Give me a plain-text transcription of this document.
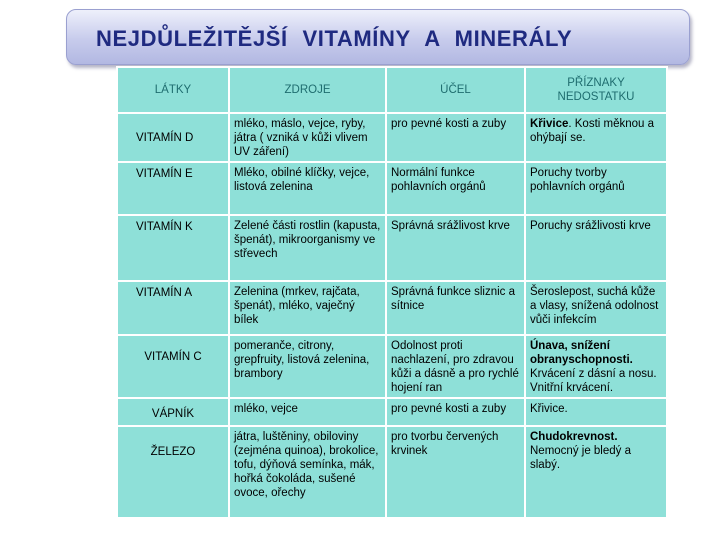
NEJDŮLEŽITĚJŠÍ VITAMÍNY A MINERÁLY
LÁTKY	ZDROJE	ÚČEL	PŘÍZNAKY NEDOSTATKU
VITAMÍN D	mléko, máslo, vejce, ryby, játra ( vzniká v kůži vlivem UV záření)	pro pevné kosti a zuby	Křivice. Kosti měknou a ohýbají se.
VITAMÍN E	Mléko, obilné klíčky, vejce, listová zelenina	Normální funkce pohlavních orgánů	Poruchy tvorby pohlavních orgánů
VITAMÍN K	Zelené části rostlin (kapusta, špenát), mikroorganismy ve střevech	Správná srážlivost krve	Poruchy srážlivosti krve
VITAMÍN A	Zelenina (mrkev, rajčata, špenát), mléko, vaječný bílek	Správná funkce sliznic a sítnice	Šeroslepost, suchá kůže a vlasy, snížená odolnost vůči infekcím
VITAMÍN C	pomeranče, citrony, grepfruity, listová zelenina, brambory	Odolnost proti nachlazení, pro zdravou kůži a dásně a pro rychlé hojení ran	Únava, snížení obranyschopnosti. Krvácení z dásní a nosu. Vnitřní krvácení.
VÁPNÍK	mléko, vejce	pro pevné kosti a zuby	Křivice.
ŽELEZO	játra, luštěniny, obiloviny (zejména quinoa), brokolice, tofu, dýňová semínka, mák, hořká čokoláda, sušené ovoce, ořechy	pro tvorbu červených krvinek	Chudokrevnost. Nemocný je bledý a slabý.
